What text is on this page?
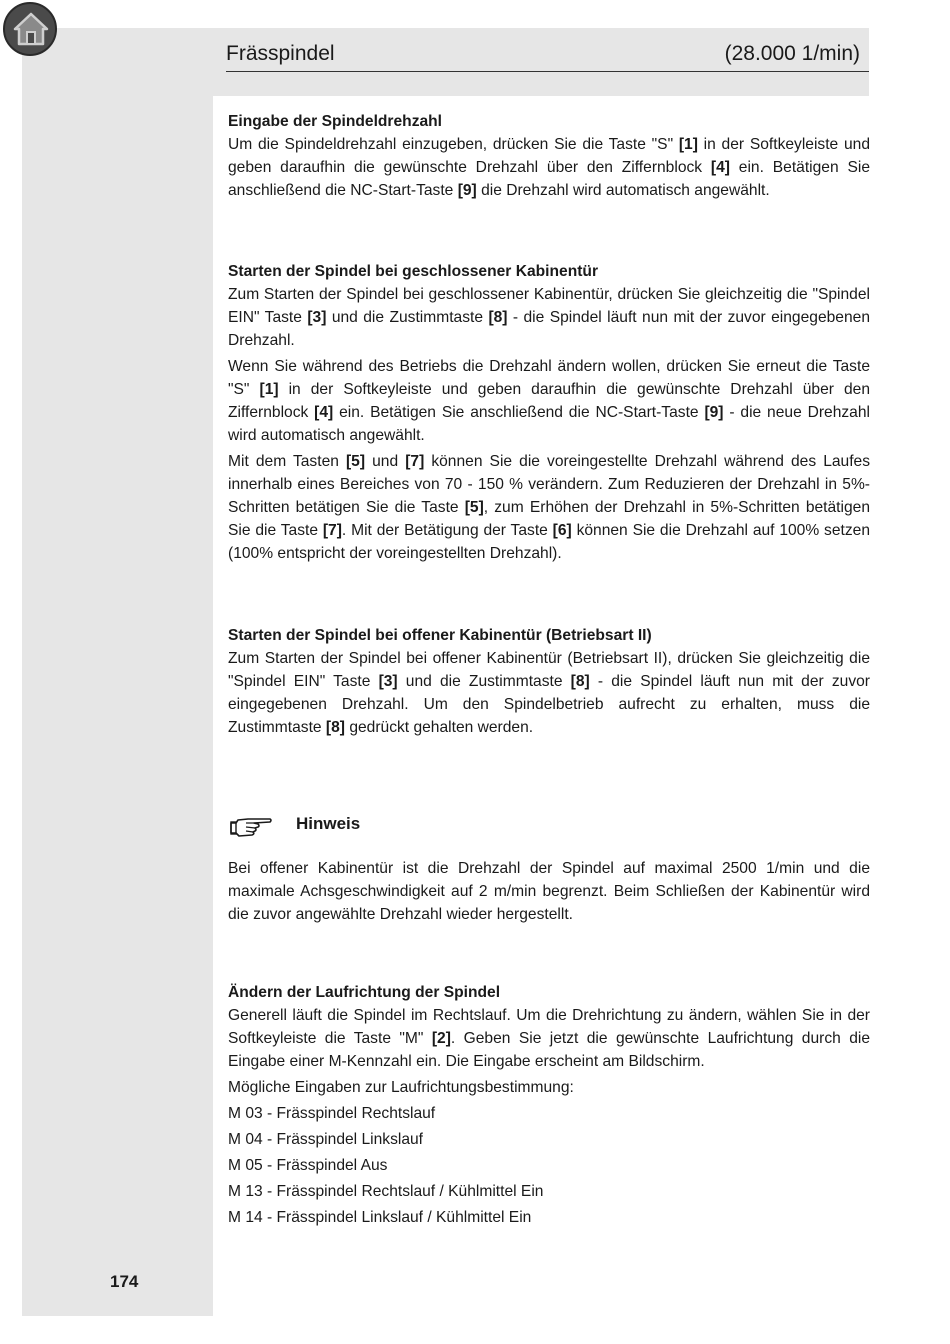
Frässpindel	(28.000 1/min)
Eingabe der Spindeldrehzahl

Um die Spindeldrehzahl einzugeben, drücken Sie die Taste "S" [1] in der Softkeyleiste und geben daraufhin die gewünschte Drehzahl über den Ziffernblock [4] ein. Betätigen Sie anschließend die NC-Start-Taste [9] die Drehzahl wird automatisch angewählt.

Starten der Spindel bei geschlossener Kabinentür

Zum Starten der Spindel bei geschlossener Kabinentür, drücken Sie gleichzeitig die "Spindel EIN" Taste [3] und die Zustimmtaste [8] - die Spindel läuft nun mit der zuvor eingegebenen Drehzahl.

Wenn Sie während des Betriebs die Drehzahl ändern wollen, drücken Sie erneut die Taste "S" [1] in der Softkeyleiste und geben daraufhin die gewünschte Drehzahl über den Ziffernblock [4] ein. Betätigen Sie anschließend die NC-Start-Taste [9] - die neue Drehzahl wird automatisch angewählt.

Mit dem Tasten [5] und [7] können Sie die voreingestellte Drehzahl während des Laufes innerhalb eines Bereiches von 70 - 150 % verändern. Zum Reduzieren der Drehzahl in 5%-Schritten betätigen Sie die Taste [5], zum Erhöhen der Drehzahl in 5%-Schritten betätigen Sie die Taste [7]. Mit der Betätigung der Taste [6] können Sie die Drehzahl auf 100% setzen (100% entspricht der voreingestellten Drehzahl).

Starten der Spindel bei offener Kabinentür (Betriebsart II)

Zum Starten der Spindel bei offener Kabinentür (Betriebsart II), drücken Sie gleichzeitig die "Spindel EIN" Taste [3] und die Zustimmtaste [8] - die Spindel läuft nun mit der zuvor eingegebenen Drehzahl. Um den Spindelbetrieb aufrecht zu erhalten, muss die Zustimmtaste [8] gedrückt gehalten werden.

Hinweis

Bei offener Kabinentür ist die Drehzahl der Spindel auf maximal 2500 1/min und die maximale Achsgeschwindigkeit auf 2 m/min begrenzt. Beim Schließen der Kabinentür wird die zuvor angewählte Drehzahl wieder hergestellt.

Ändern der Laufrichtung der Spindel

Generell läuft die Spindel im Rechtslauf. Um die Drehrichtung zu ändern, wählen Sie in der Softkeyleiste die Taste "M" [2]. Geben Sie jetzt die gewünschte Laufrichtung durch die Eingabe einer M-Kennzahl ein. Die Eingabe erscheint am Bildschirm.

Mögliche Eingaben zur Laufrichtungsbestimmung:

M 03 - Frässpindel Rechtslauf
M 04 - Frässpindel Linkslauf
M 05 - Frässpindel Aus
M 13 - Frässpindel Rechtslauf / Kühlmittel Ein
M 14 - Frässpindel Linkslauf / Kühlmittel Ein
174
